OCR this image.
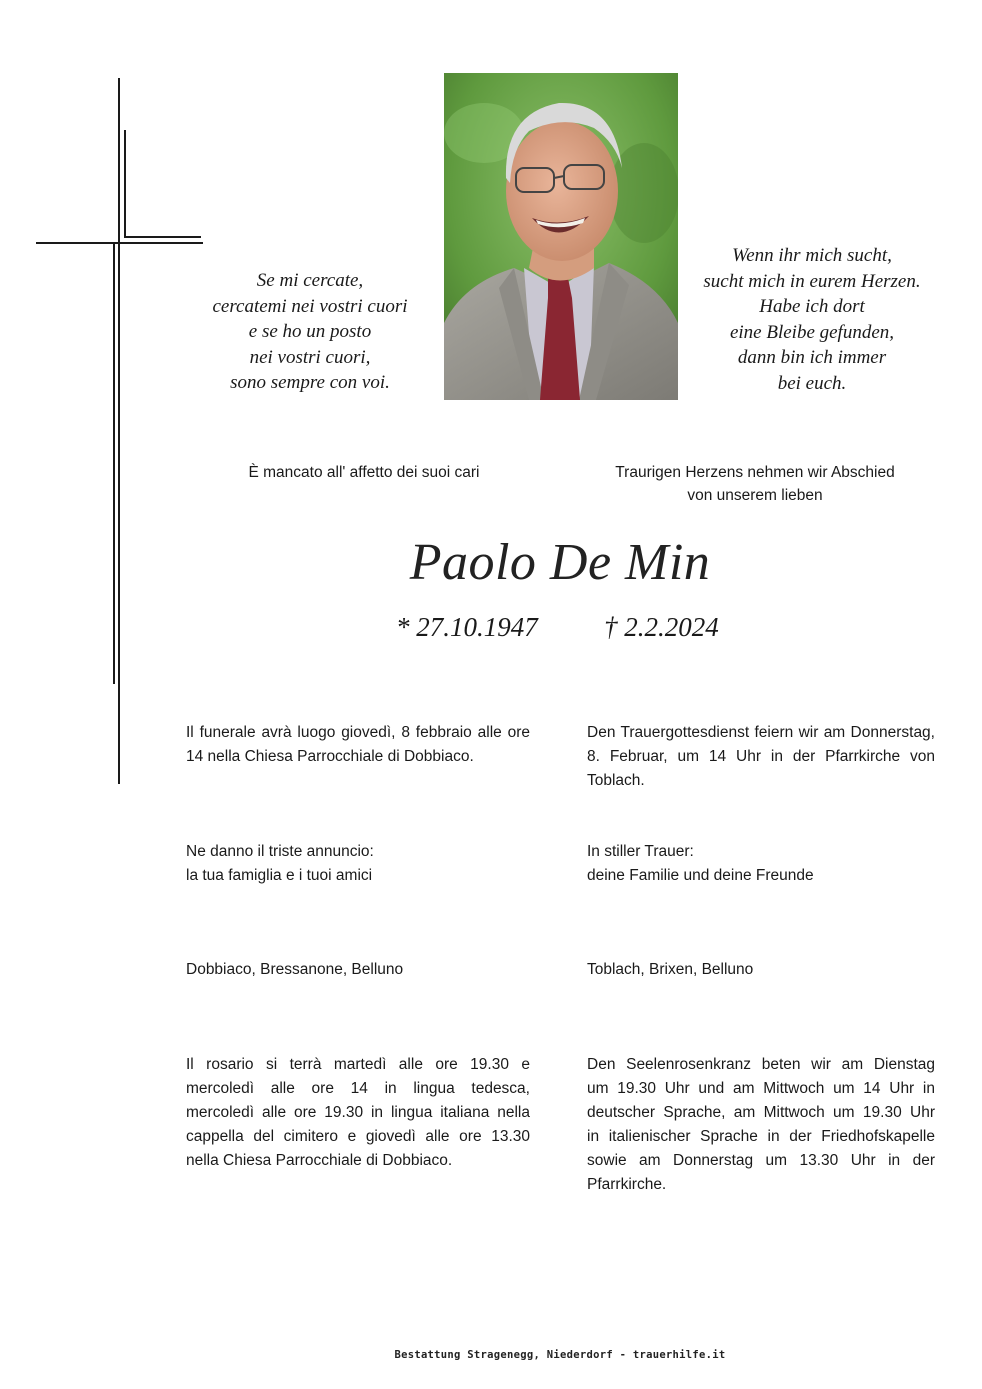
Se mi cercate,
cercatemi nei vostri cuori
e se ho un posto
nei vostri cuori,
sono sempre con voi.
Wenn ihr mich sucht,
sucht mich in eurem Herzen.
Habe ich dort
eine Bleibe gefunden,
dann bin ich immer
bei euch.
È mancato all' affetto dei suoi cari	Traurigen Herzens nehmen wir Abschied
von unserem lieben
Paolo De Min
* 27.10.1947 † 2.2.2024
Il funerale avrà luogo giovedì, 8 febbraio alle ore
14 nella Chiesa Parrocchiale di Dobbiaco.
Den Trauergottesdienst feiern wir am Donnerstag,
8. Februar, um 14 Uhr in der Pfarrkirche von
Toblach.
Ne danno il triste annuncio:
la tua famiglia e i tuoi amici
In stiller Trauer:
deine Familie und deine Freunde
Dobbiaco, Bressanone, Belluno	Toblach, Brixen, Belluno
Il rosario si terrà martedì alle ore 19.30 e
mercoledì alle ore 14 in lingua tedesca,
mercoledì alle ore 19.30 in lingua italiana nella
cappella del cimitero e giovedì alle ore 13.30
nella Chiesa Parrocchiale di Dobbiaco.
Den Seelenrosenkranz beten wir am Dienstag
um 19.30 Uhr und am Mittwoch um 14 Uhr in
deutscher Sprache, am Mittwoch um 19.30 Uhr
in italienischer Sprache in der Friedhofskapelle
sowie am Donnerstag um 13.30 Uhr in der
Pfarrkirche.
Bestattung Stragenegg, Niederdorf - trauerhilfe.it
